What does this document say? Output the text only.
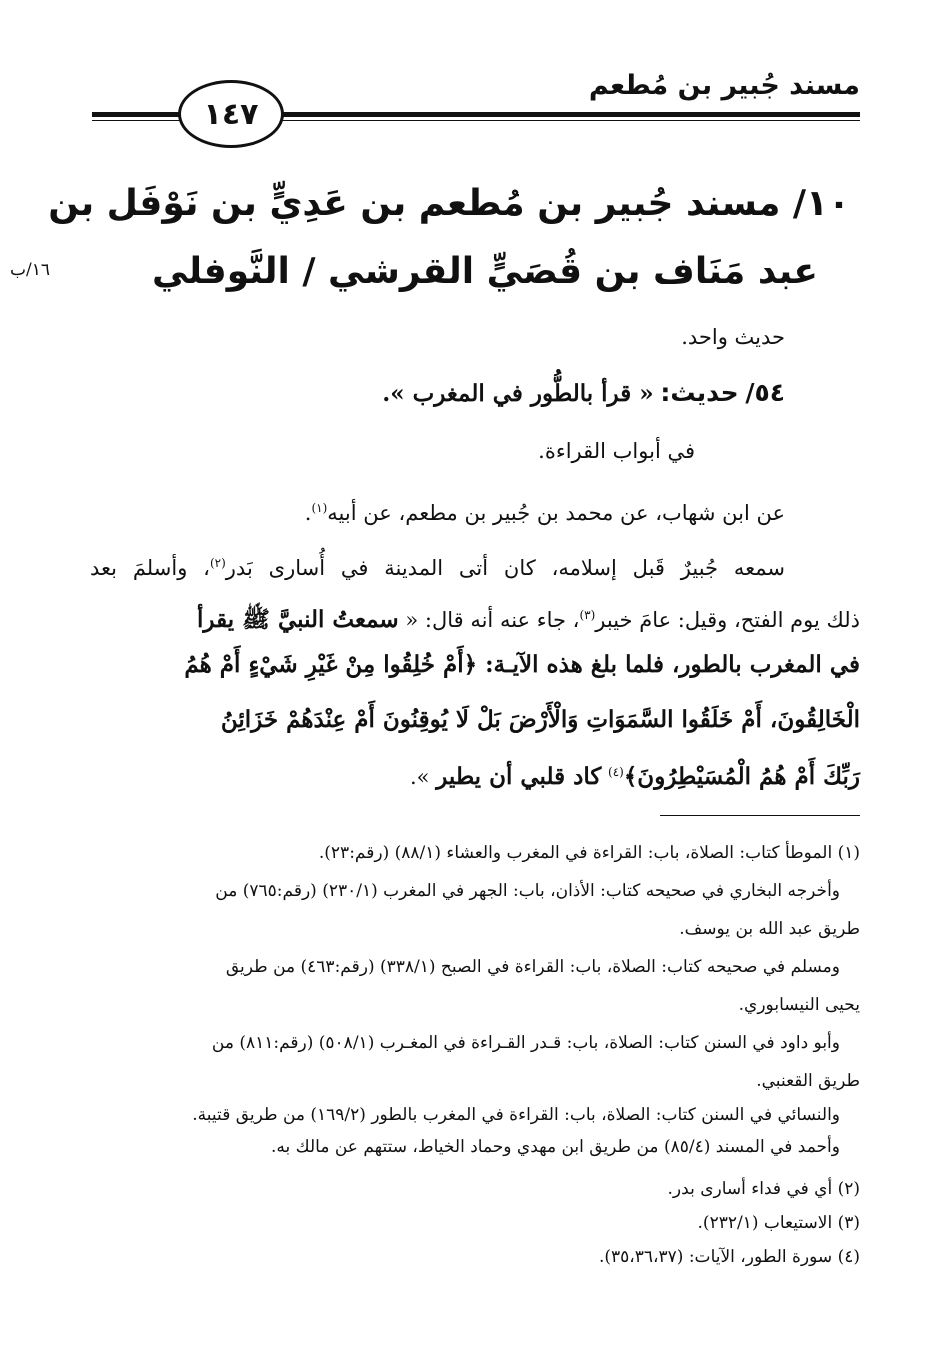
مسند جُبير بن مُطعم
١٤٧
١٠/ مسند جُبير بن مُطعم بن عَدِيٍّ بن نَوْفَل بن
عبد مَنَاف بن قُصَيٍّ القرشي / النَّوفلي
١٦/ب
حديث واحد.
٥٤/ حديث: « قرأ بالطُّور في المغرب ».
في أبواب القراءة.
عن ابن شهاب، عن محمد بن جُبير بن مطعم، عن أبيه$^{(١)}$.
سمعه جُبيرٌ قَبل إسلامه، كان أتى المدينة في أُسارى بَدر$^{(٢)}$، وأسلمَ بعد
ذلك يوم الفتح، وقيل: عامَ خيبر$^{(٣)}$، جاء عنه أنه قال: « سمعتُ النبيَّ ﷺ يقرأ
في المغرب بالطور، فلما بلغ هذه الآيـة: ﴿أَمْ خُلِقُوا مِنْ غَيْرِ شَيْءٍ أَمْ هُمُ
الْخَالِقُونَ، أَمْ خَلَقُوا السَّمَوَاتِ وَالْأَرْضَ بَلْ لَا يُوقِنُونَ أَمْ عِنْدَهُمْ خَزَائِنُ
رَبِّكَ أَمْ هُمُ الْمُسَيْطِرُونَ﴾$^{(٤)}$ كاد قلبي أن يطير ».
(١) الموطأ كتاب: الصلاة، باب: القراءة في المغرب والعشاء (٨٨/١) (رقم:٢٣).
وأخرجه البخاري في صحيحه كتاب: الأذان، باب: الجهر في المغرب (٢٣٠/١) (رقم:٧٦٥) من
طريق عبد الله بن يوسف.
ومسلم في صحيحه كتاب: الصلاة، باب: القراءة في الصبح (٣٣٨/١) (رقم:٤٦٣) من طريق
يحيى النيسابوري.
وأبو داود في السنن كتاب: الصلاة، باب: قـدر القـراءة في المغـرب (٥٠٨/١) (رقم:٨١١) من
طريق القعنبي.
والنسائي في السنن كتاب: الصلاة، باب: القراءة في المغرب بالطور (١٦٩/٢) من طريق قتيبة.
وأحمد في المسند (٨٥/٤) من طريق ابن مهدي وحماد الخياط، ستتهم عن مالك به.
(٢) أي في فداء أسارى بدر.
(٣) الاستيعاب (٢٣٢/١).
(٤) سورة الطور، الآيات: (٣٥،٣٦،٣٧).
